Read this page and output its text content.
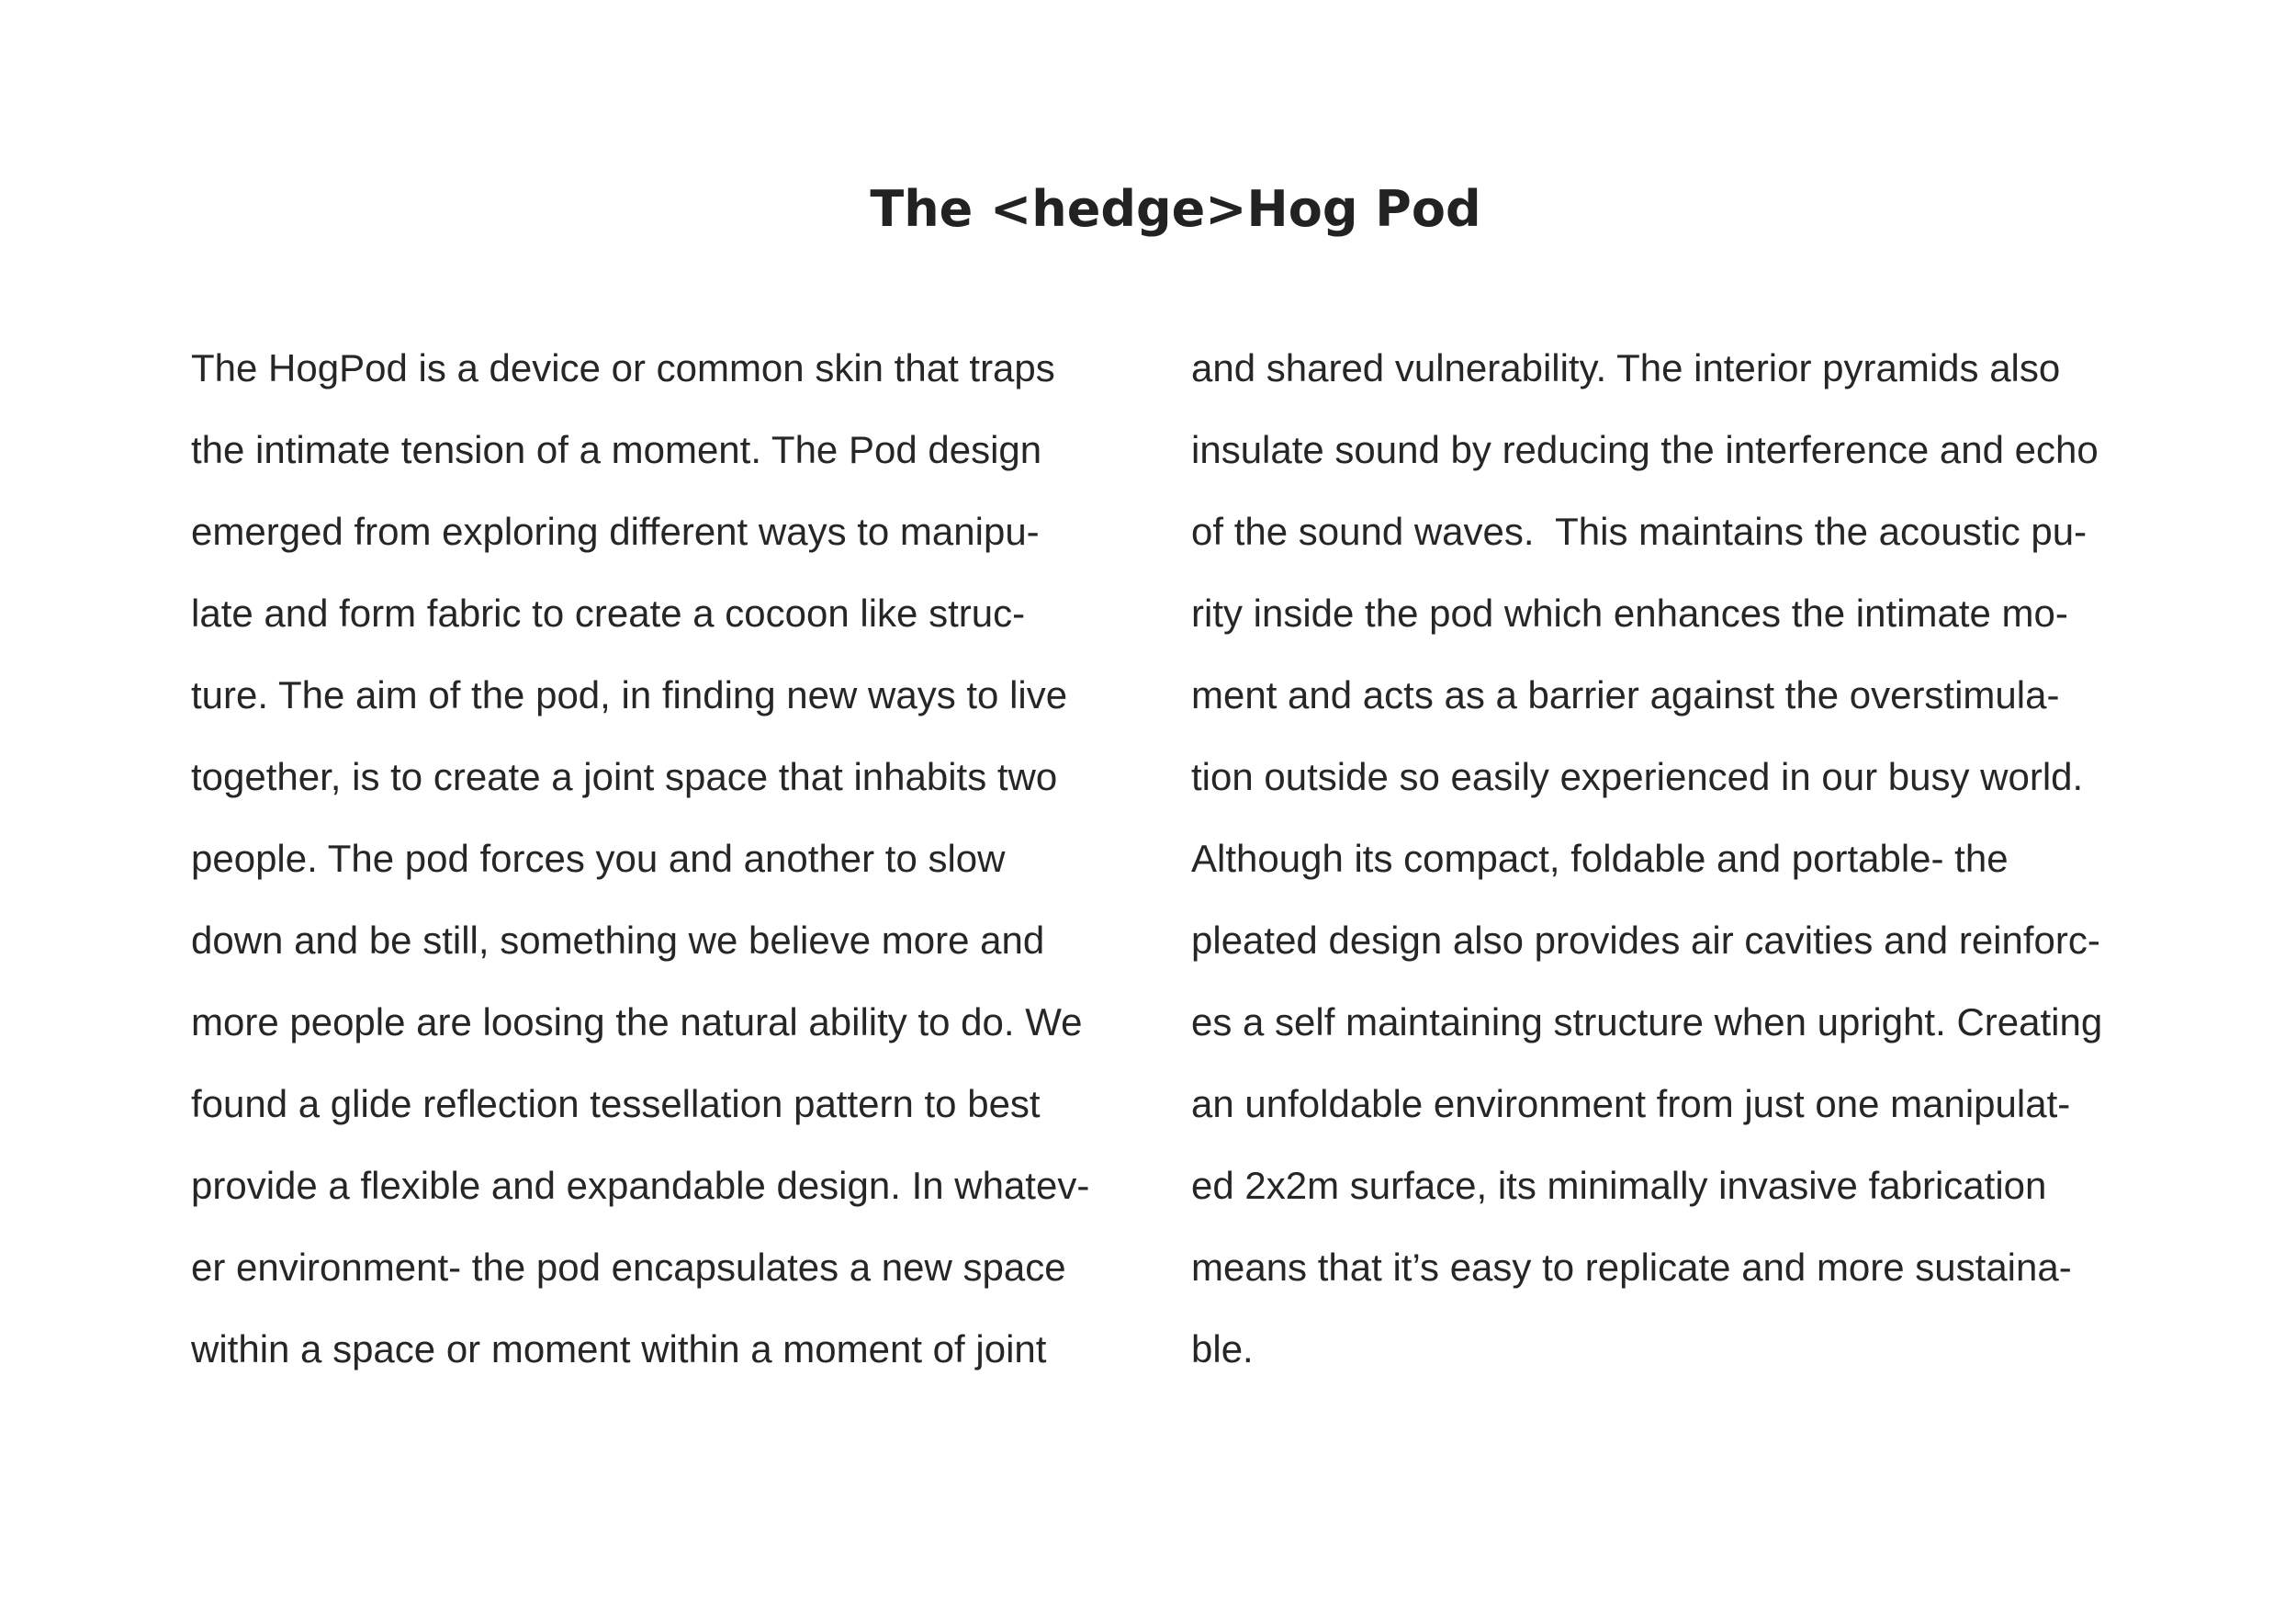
The <hedge>Hog Pod
The HogPod is a device or common skin that traps
the intimate tension of a moment. The Pod design
emerged from exploring different ways to manipu-
late and form fabric to create a cocoon like struc-
ture. The aim of the pod, in finding new ways to live
together, is to create a joint space that inhabits two
people. The pod forces you and another to slow
down and be still, something we believe more and
more people are loosing the natural ability to do. We
found a glide reflection tessellation pattern to best
provide a flexible and expandable design. In whatev-
er environment- the pod encapsulates a new space
within a space or moment within a moment of joint
and shared vulnerability. The interior pyramids also
insulate sound by reducing the interference and echo
of the sound waves.  This maintains the acoustic pu-
rity inside the pod which enhances the intimate mo-
ment and acts as a barrier against the overstimula-
tion outside so easily experienced in our busy world.
Although its compact, foldable and portable- the
pleated design also provides air cavities and reinforc-
es a self maintaining structure when upright. Creating
an unfoldable environment from just one manipulat-
ed 2x2m surface, its minimally invasive fabrication
means that it’s easy to replicate and more sustaina-
ble.
